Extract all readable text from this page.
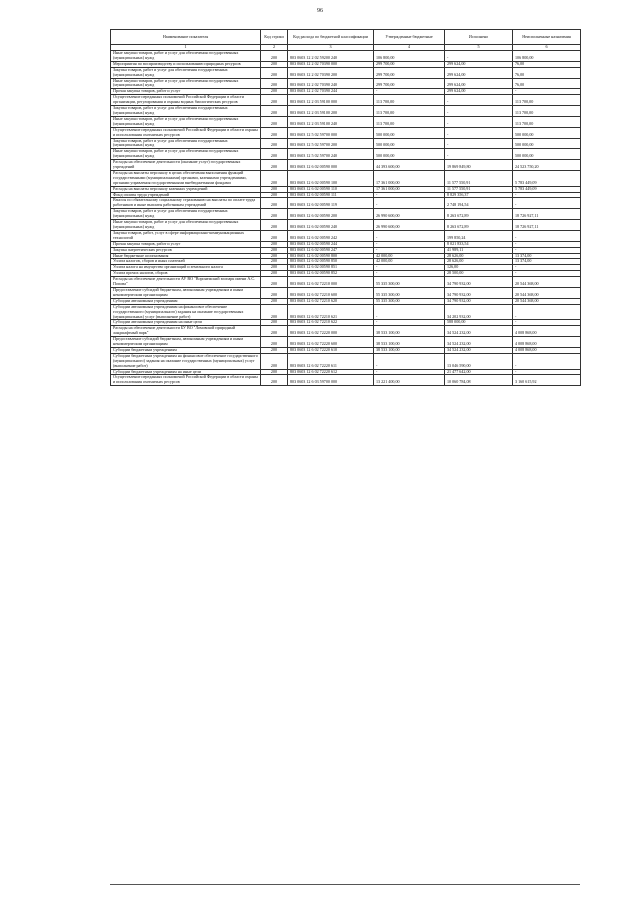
96
Наименование показателя	Код строки	Код расхода по бюджетной классификации	Утвержденные бюджетные	Исполнено	Неисполненные назначения
1	2	3	4	5	6
Иные закупки товаров, работ и услуг для обеспечения государственных (муниципальных) нужд	200	803 0603 12 2 02 59200 240	106 800,00	-	106 800,00
Мероприятия по воспроизводству и использованию природных ресурсов	200	803 0603 12 2 02 70390 000	299 700,00	299 624,00	76,00
Закупка товаров, работ и услуг для обеспечения государственных (муниципальных) нужд	200	803 0603 12 2 02 70390 200	299 700,00	299 624,00	76,00
Иные закупки товаров, работ и услуг для обеспечения государственных (муниципальных) нужд	200	803 0603 12 2 02 70390 240	299 700,00	299 624,00	76,00
Прочая закупка товаров, работ и услуг	200	803 0603 12 2 02 70390 244	-	299 624,00	-
Осуществление переданных полномочий Российской Федерации в области организации, регулирования и охраны водных биологических ресурсов	200	803 0603 12 2 03 59100 000	113 700,00	-	113 700,00
Закупка товаров, работ и услуг для обеспечения государственных (муниципальных) нужд	200	803 0603 12 2 03 59100 200	113 700,00	-	113 700,00
Иные закупки товаров, работ и услуг для обеспечения государственных (муниципальных) нужд	200	803 0603 12 2 03 59100 240	113 700,00	-	113 700,00
Осуществление переданных полномочий Российской Федерации в области охраны и использования охотничьих ресурсов	200	803 0603 12 5 02 59700 000	500 000,00	-	500 000,00
Закупка товаров, работ и услуг для обеспечения государственных (муниципальных) нужд	200	803 0603 12 5 02 59700 200	500 000,00	-	500 000,00
Иные закупки товаров, работ и услуг для обеспечения государственных (муниципальных) нужд	200	803 0603 12 5 02 59700 240	500 000,00	-	500 000,00
Расходы на обеспечение деятельности (оказание услуг) государственных учреждений	200	803 0603 12 6 02 00590 000	44 393 600,00	19 869 849,80	24 523 750,20
Расходы на выплаты персоналу в целях обеспечения выполнения функций государственными (муниципальными) органами, казенными учреждениями, органами управления государственными внебюджетными фондами	200	803 0603 12 6 02 00590 100	17 361 000,00	11 577 550,91	5 783 449,09
Расходы на выплаты персоналу казенных учреждений	200	803 0603 12 6 02 00590 110	17 361 000,00	11 577 550,91	5 783 449,09
Фонд оплаты труда учреждений	200	803 0603 12 6 02 00590 111	-	8 829 356,37	-
Взносы по обязательному социальному страхованию на выплаты по оплате труда работников и иные выплаты работникам учреждений	200	803 0603 12 6 02 00590 119	-	2 748 194,54	-
Закупка товаров, работ и услуг для обеспечения государственных (муниципальных) нужд	200	803 0603 12 6 02 00590 200	26 990 600,00	8 263 672,89	18 726 927,11
Иные закупки товаров, работ и услуг для обеспечения государственных (муниципальных) нужд	200	803 0603 12 6 02 00590 240	26 990 600,00	8 263 672,89	18 726 927,11
Закупка товаров, работ, услуг в сфере информационно-коммуникационных технологий	200	803 0603 12 6 02 00590 242	-	199 850,24	-
Прочая закупка товаров, работ и услуг	200	803 0603 12 6 02 00590 244	-	8 021 833,54	-
Закупка энергетических ресурсов	200	803 0603 12 6 02 00590 247	-	41 989,11	-
Иные бюджетные ассигнования	200	803 0603 12 6 02 00590 800	42 000,00	28 626,00	13 374,00
Уплата налогов, сборов и иных платежей	200	803 0603 12 6 02 00590 850	42 000,00	28 626,00	13 374,00
Уплата налога на имущество организаций и земельного налога	200	803 0603 12 6 02 00590 851	-	126,00	-
Уплата прочих налогов, сборов	200	803 0603 12 6 02 00590 852	-	28 500,00	-
Расходы на обеспечение деятельности АУ ВО "Воронежский зоопарк имени А.С. Попова"	200	803 0603 12 6 02 72210 000	55 335 300,00	34 790 932,00	20 544 368,00
Предоставление субсидий бюджетным, автономным учреждениям и иным некоммерческим организациям	200	803 0603 12 6 02 72210 600	55 335 300,00	34 790 932,00	20 544 368,00
Субсидии автономным учреждениям	200	803 0603 12 6 02 72210 620	55 335 300,00	34 790 932,00	20 544 368,00
Субсидии автономным учреждениям на финансовое обеспечение государственного (муниципального) задания на оказание государственных (муниципальных) услуг (выполнение работ)	200	803 0603 12 6 02 72210 621	-	34 202 932,00	-
Субсидии автономным учреждениям на иные цели	200	803 0603 12 6 02 72210 622	-	588 000,00	-
Расходы на обеспечение деятельности БУ ВО "Ломовской природный ландшафтный парк"	200	803 0603 12 6 02 72220 000	38 533 100,00	34 524 232,00	4 008 868,00
Предоставление субсидий бюджетным, автономным учреждениям и иным некоммерческим организациям	200	803 0603 12 6 02 72220 600	38 533 100,00	34 524 232,00	4 008 868,00
Субсидии бюджетным учреждениям	200	803 0603 12 6 02 72220 610	38 533 100,00	34 524 232,00	4 008 868,00
Субсидии бюджетным учреждениям на финансовое обеспечение государственного (муниципального) задания на оказание государственных (муниципальных) услуг (выполнение работ)	200	803 0603 12 6 02 72220 611	-	13 046 590,00	-
Субсидии бюджетным учреждениям на иные цели	200	803 0603 12 6 02 72220 612	-	21 477 642,00	-
Осуществление переданных полномочий Российской Федерации в области охраны и использования охотничьих ресурсов	200	803 0603 12 6 03 59700 000	13 221 400,00	10 060 784,08	3 160 615,92
